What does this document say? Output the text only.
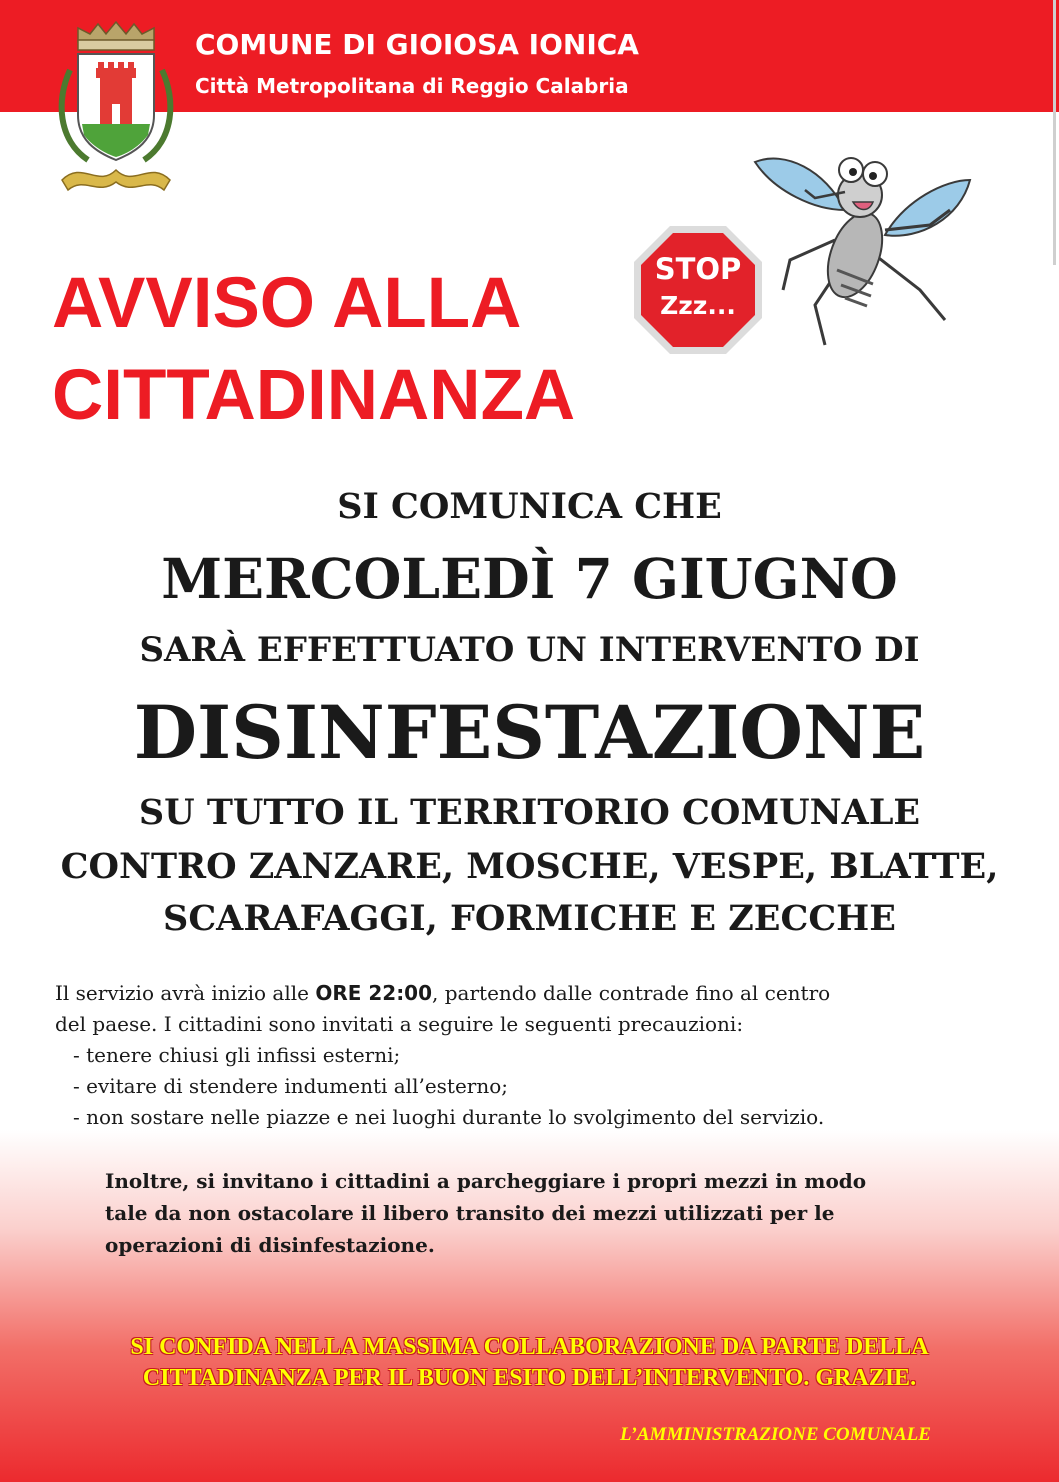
COMUNE DI GIOIOSA IONICA
Città Metropolitana di Reggio Calabria
AVVISO ALLA
CITTADINANZA
STOP
Zzz...
SI COMUNICA CHE
MERCOLEDÌ 7 GIUGNO
SARÀ EFFETTUATO UN INTERVENTO DI
DISINFESTAZIONE
SU TUTTO IL TERRITORIO COMUNALE
CONTRO ZANZARE, MOSCHE, VESPE, BLATTE,
SCARAFAGGI, FORMICHE E ZECCHE
Il servizio avrà inizio alle ORE 22:00, partendo dalle contrade fino al centro
del paese. I cittadini sono invitati a seguire le seguenti precauzioni:
- tenere chiusi gli infissi esterni;
- evitare di stendere indumenti all’esterno;
- non sostare nelle piazze e nei luoghi durante lo svolgimento del servizio.
Inoltre, si invitano i cittadini a parcheggiare i propri mezzi in modo
tale da non ostacolare il libero transito dei mezzi utilizzati per le
operazioni di disinfestazione.
SI CONFIDA NELLA MASSIMA COLLABORAZIONE DA PARTE DELLA
CITTADINANZA PER IL BUON ESITO DELL’INTERVENTO. GRAZIE.
L’AMMINISTRAZIONE COMUNALE
